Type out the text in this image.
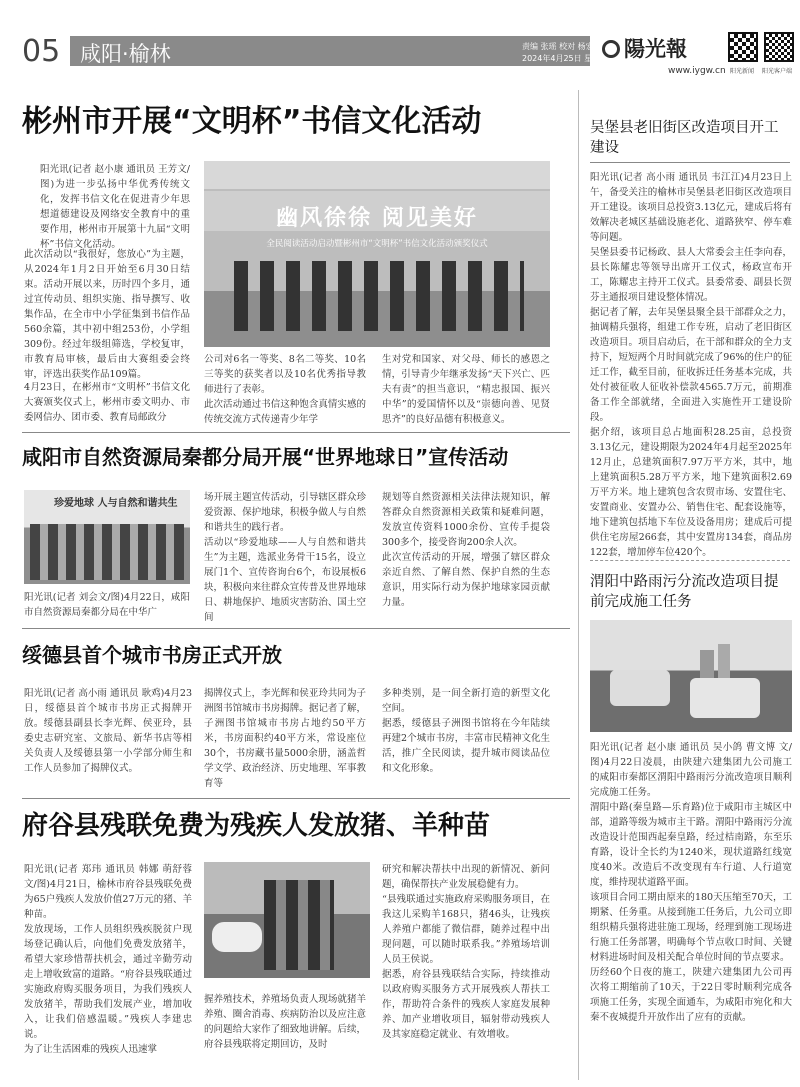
05 咸阳·榆林	责编 张瑶 校对 杨宏玲
2024年4月25日 星期四 陽光報
www.iygw.cn 阳光新闻 阳光客户端
彬州市开展“文明杯”书信文化活动
阳光讯(记者 赵小康 通讯员 王芳文/图)为进一步弘扬中华优秀传统文化，发挥书信文化在促进青少年思想道德建设及网络安全教育中的重要作用，彬州市开展第十九届“文明杯”书信文化活动。
此次活动以“我很好，您放心”为主题，从2024年1月2日开始至6月30日结束。活动开展以来，历时四个多月，通过宣传动员、组织实施、指导撰写、收集作品，在全市中小学征集到书信作品560余篇，其中初中组253份，小学组309份。经过年级组筛选，学校复审，市教育局审核，最后由大赛组委会终审，评选出获奖作品109篇。
4月23日，在彬州市“文明杯”书信文化大赛颁奖仪式上，彬州市委文明办、市委网信办、团市委、教育局邮政分
幽风徐徐 阅见美好
全民阅读活动启动暨彬州市“文明杯”书信文化活动颁奖仪式
公司对6名一等奖、8名二等奖、10名三等奖的获奖者以及10名优秀指导教师进行了表彰。
此次活动通过书信这种饱含真情实感的传统交流方式传递青少年学
生对党和国家、对父母、师长的感恩之情，引导青少年继承发扬“天下兴亡、匹夫有责”的担当意识，“精忠报国、振兴中华”的爱国情怀以及“崇德向善、见贤思齐”的良好品德有积极意义。
咸阳市自然资源局秦都分局开展“世界地球日”宣传活动
珍爱地球 人与自然和谐共生
阳光讯(记者 刘会文/图)4月22日，咸阳市自然资源局秦都分局在中华广
场开展主题宣传活动，引导辖区群众珍爱资源、保护地球，积极争做人与自然和谐共生的践行者。
活动以“珍爱地球——人与自然和谐共生”为主题，选派业务骨干15名，设立展门1个、宣传咨询台6个，布设展板6块，积极向来往群众宣传普及世界地球日、耕地保护、地质灾害防治、国土空间
规划等自然资源相关法律法规知识，解答群众自然资源相关政策和疑难问题，发放宣传资料1000余份、宣传手提袋300多个，接受咨询200余人次。
此次宣传活动的开展，增强了辖区群众亲近自然、了解自然、保护自然的生态意识，用实际行动为保护地球家园贡献力量。
绥德县首个城市书房正式开放
阳光讯(记者 高小雨 通讯员 耿鸡)4月23日，绥德县首个城市书房正式揭牌开放。绥德县副县长李光辉、侯亚玲，县委史志研究室、文旅局、新华书店等相关负责人及绥德县第一小学部分师生和工作人员参加了揭牌仪式。
揭牌仪式上，李光辉和侯亚玲共同为子洲图书馆城市书房揭牌。据记者了解，子洲图书馆城市书房占地约50平方米，书房面积约40平方米，常设座位30个，书房藏书量5000余册，涵盖哲学文学、政治经济、历史地理、军事教育等
多种类别，是一间全新打造的新型文化空间。
据悉，绥德县子洲图书馆将在今年陆续再建2个城市书房，丰富市民精神文化生活，推广全民阅读，提升城市阅读品位和文化形象。
府谷县残联免费为残疾人发放猪、羊种苗
阳光讯(记者 郑玮 通讯员 韩娜 萌舒蓉 文/图)4月21日，榆林市府谷县残联免费为65户残疾人发放价值27万元的猪、羊种苗。
发放现场，工作人员组织残疾脱贫户现场登记确认后，向他们免费发放猪羊，希望大家珍惜帮扶机会，通过辛勤劳动走上增收致富的道路。“府谷县残联通过实施政府购买服务项目，为我们残疾人发放猪羊，帮助我们发展产业，增加收入，让我们倍感温暖。”残疾人李建忠说。
为了让生活困难的残疾人迅速掌
握养殖技术，养殖场负责人现场就猪羊养殖、圈舍消毒、疾病防治以及应注意的问题给大家作了细致地讲解。后续，府谷县残联将定期回访，及时
研究和解决帮扶中出现的新情况、新问题，确保帮扶产业发展稳健有力。
“县残联通过实施政府采购服务项目，在我这儿采购羊168只，猪46头，让残疾人养殖户都能了微信群，随养过程中出现问题，可以随时联系我。”养殖场培训人员王侯说。
据悉，府谷县残联结合实际，持续推动以政府购买服务方式开展残疾人帮扶工作，帮助符合条件的残疾人家庭发展种养、加产业增收项目，辐射带动残疾人及其家庭稳定就业、有效增收。
吴堡县老旧街区改造项目开工建设
阳光讯(记者 高小雨 通讯员 韦江江)4月23日上午，备受关注的榆林市吴堡县老旧街区改造项目开工建设。该项目总投资3.13亿元，建成后将有效解决老城区基础设施老化、道路狭窄、停车难等问题。
吴堡县委书记杨政、县人大常委会主任李向春，县长陈耀忠等领导出席开工仪式，杨政宣布开工，陈耀忠主持开工仪式。县委常委、副县长贺芬主通报项目建设整体情况。
据记者了解，去年吴堡县聚全县干部群众之力，抽调精兵强将，组建工作专班，启动了老旧街区改造项目。项目启动后，在干部和群众的全力支持下，短短两个月时间就完成了96%的住户的征迁工作，截至目前，征收拆迁任务基本完成，共处付被征收人征收补偿款4565.7万元，前期准备工作全部就绪，全面进入实施性开工建设阶段。
据介绍，该项目总占地面积28.25亩，总投资3.13亿元，建设期限为2024年4月起至2025年12月止，总建筑面积7.97万平方米，其中，地上建筑面积5.28万平方米，地下建筑面积2.69万平方米。地上建筑包含农贸市场、安置住宅、安置商业、安置办公、销售住宅、配套设施等，地下建筑包括地下车位及设备用房；建成后可提供住宅房屋266套，其中安置房134套，商品房122套，增加停车位420个。
渭阳中路雨污分流改造项目提前完成施工任务
阳光讯(记者 赵小康 通讯员 吴小鸽 曹文博 文/图)4月22日凌晨，由陕建六建集团九公司施工的咸阳市秦都区渭阳中路雨污分流改造项目顺利完成施工任务。
渭阳中路(秦皇路—乐育路)位于咸阳市主城区中部，道路等级为城市主干路。渭阳中路雨污分流改造设计范围西起秦皇路，经过桔南路，东至乐育路，设计全长约为1240米，现状道路红线宽度40米。改造后不改变现有车行道、人行道宽度，维持现状道路平面。
该项目合同工期由原来的180天压缩至70天，工期紧、任务重。从接到施工任务后，九公司立即组织精兵强将进驻施工现场，经理到施工现场进行施工任务部署，明确每个节点收口时间、关键材料进场时间及相关配合单位时间的节点要求。
历经60个日夜的施工，陕建六建集团九公司再次将工期缩前了10天，于22日零时顺利完成各项施工任务，实现全面通车，为咸阳市宛化和大秦不夜城提升开放作出了应有的贡献。
